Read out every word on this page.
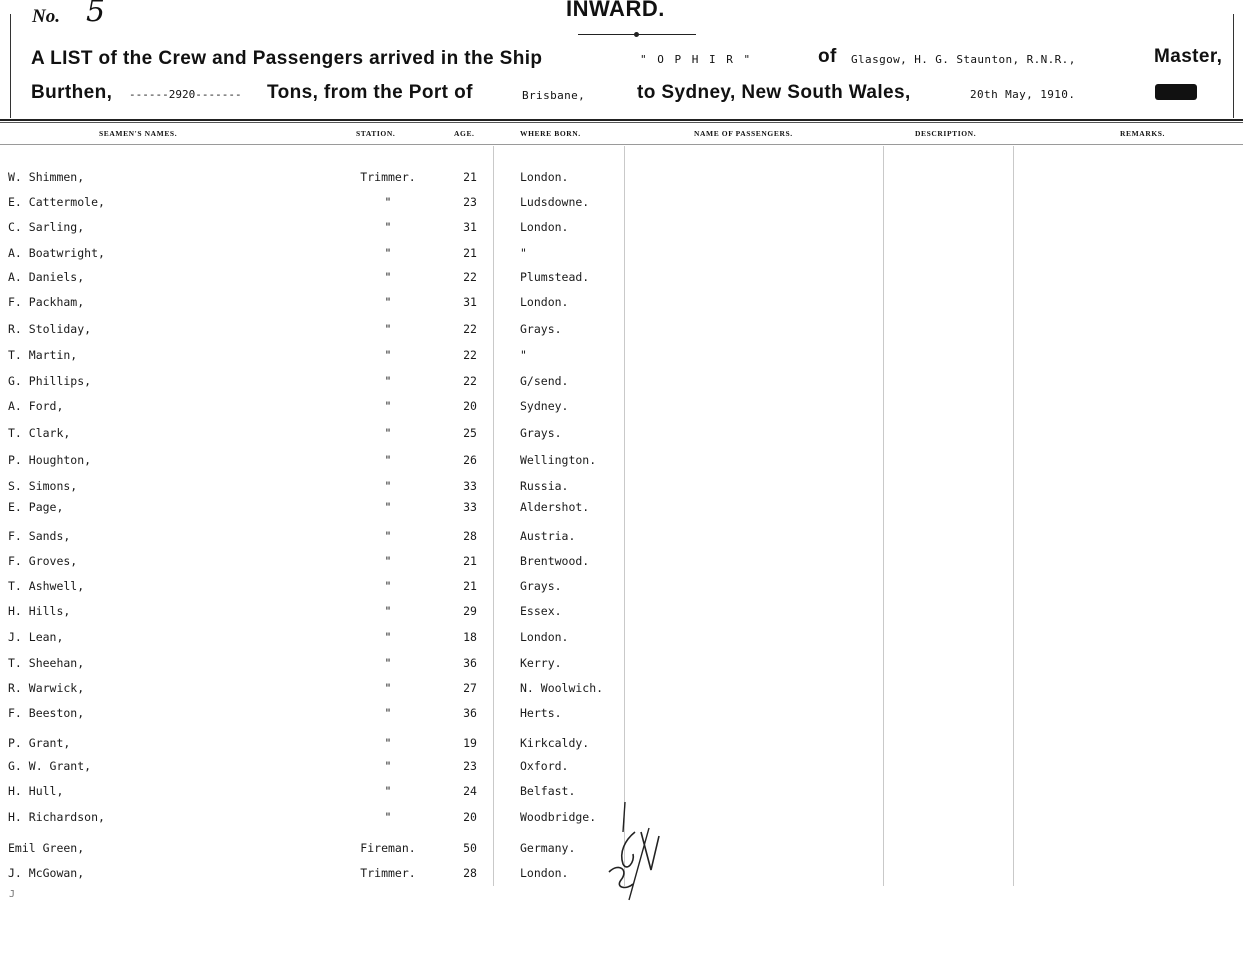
No. 5	INWARD.
A LIST of the Crew and Passengers arrived in the Ship	" O P H I R "	of Glasgow, H. G. Staunton, R.N.R.,	Master,
Burthen, ------2920------- Tons, from the Port of	Brisbane,	to Sydney, New South Wales,	20th May, 1910.
SEAMEN'S NAMES.	STATION.	AGE.	WHERE BORN.	NAME OF PASSENGERS.	DESCRIPTION.	REMARKS.
W. Shimmen,	Trimmer.	21	London.
E. Cattermole,	"	23	Ludsdowne.
C. Sarling,	"	31	London.
A. Boatwright,	"	21	"
A. Daniels,	"	22	Plumstead.
F. Packham,	"	31	London.
R. Stoliday,	"	22	Grays.
T. Martin,	"	22	"
G. Phillips,	"	22	G/send.
A. Ford,	"	20	Sydney.
T. Clark,	"	25	Grays.
P. Houghton,	"	26	Wellington.
S. Simons,	"	33	Russia.
E. Page,	"	33	Aldershot.
F. Sands,	"	28	Austria.
F. Groves,	"	21	Brentwood.
T. Ashwell,	"	21	Grays.
H. Hills,	"	29	Essex.
J. Lean,	"	18	London.
T. Sheehan,	"	36	Kerry.
R. Warwick,	"	27	N. Woolwich.
F. Beeston,	"	36	Herts.
P. Grant,	"	19	Kirkcaldy.
G. W. Grant,	"	23	Oxford.
H. Hull,	"	24	Belfast.
H. Richardson,	"	20	Woodbridge.
Emil Green,	Fireman.	50	Germany.
J. McGowan,	Trimmer.	28	London.
J
